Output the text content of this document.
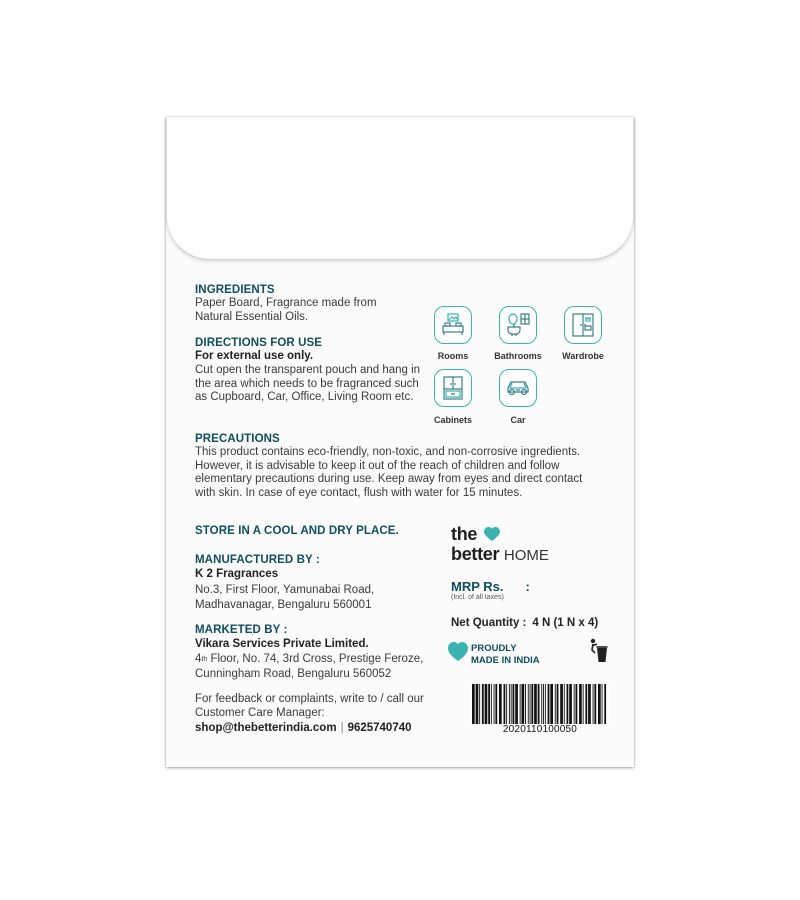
INGREDIENTS
Paper Board, Fragrance made from Natural Essential Oils.
DIRECTIONS FOR USE
For external use only.
Cut open the transparent pouch and hang in the area which needs to be fragranced such as Cupboard, Car, Office, Living Room etc.
PRECAUTIONS
This product contains eco-friendly, non-toxic, and non-corrosive ingredients. However, it is advisable to keep it out of the reach of children and follow elementary precautions during use. Keep away from eyes and direct contact with skin. In case of eye contact, flush with water for 15 minutes.
STORE IN A COOL AND DRY PLACE.
MANUFACTURED BY :
K 2 Fragrances
No.3, First Floor, Yamunabai Road,
Madhavanagar, Bengaluru 560001
MARKETED BY :
Vikara Services Private Limited.
4th Floor, No. 74, 3rd Cross, Prestige Feroze,
Cunningham Road, Bengaluru 560052
For feedback or complaints, write to / call our Customer Care Manager:
shop@thebetterindia.com | 9625740740
Rooms	Bathrooms	Wardrobe
Cabinets	Car
the
better HOME
MRP Rs. :
(Incl. of all taxes)
Net Quantity : 4 N (1 N x 4)
PROUDLY
MADE IN INDIA
2020110100050
